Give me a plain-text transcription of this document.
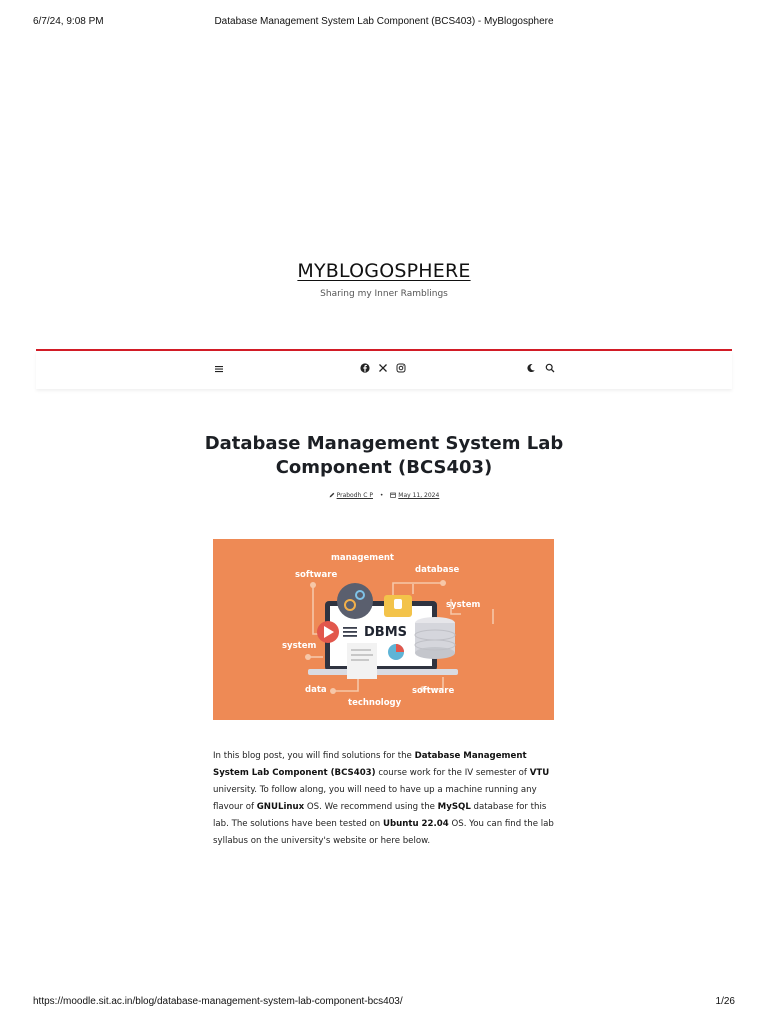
6/7/24, 9:08 PM	Database Management System Lab Component (BCS403) - MyBlogosphere
MYBLOGOSPHERE
Sharing my Inner Ramblings
Database Management System Lab Component (BCS403)
Prabodh C P • May 11, 2024
management
software	database
system
system
DBMS
data
technology
software
In this blog post, you will find solutions for the Database Management System Lab Component (BCS403) course work for the IV semester of VTU university. To follow along, you will need to have up a machine running any flavour of GNULinux OS. We recommend using the MySQL database for this lab. The solutions have been tested on Ubuntu 22.04 OS. You can find the lab syllabus on the university's website or here below.
https://moodle.sit.ac.in/blog/database-management-system-lab-component-bcs403/	1/26
